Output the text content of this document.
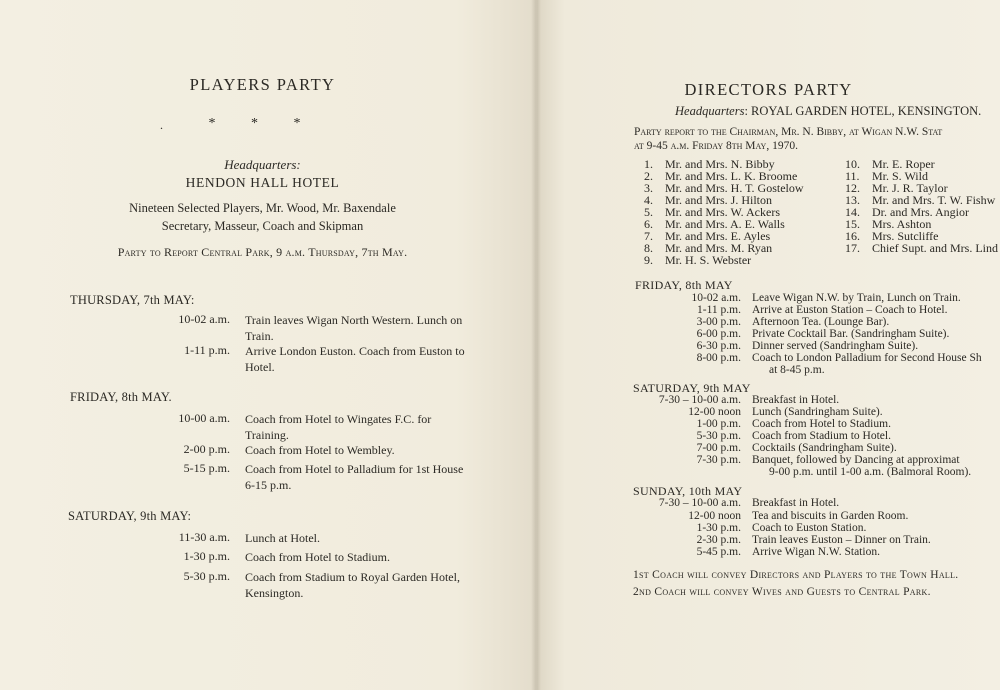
PLAYERS PARTY
.	* * *
Headquarters:
HENDON HALL HOTEL
Nineteen Selected Players, Mr. Wood, Mr. Baxendale
Secretary, Masseur, Coach and Skipman
Party to Report Central Park, 9 a.m. Thursday, 7th May.
THURSDAY, 7th MAY:
10-02 a.m. Train leaves Wigan North Western. Lunch on Train.
1-11 p.m. Arrive London Euston. Coach from Euston to Hotel.
FRIDAY, 8th MAY.
10-00 a.m. Coach from Hotel to Wingates F.C. for Training.
2-00 p.m. Coach from Hotel to Wembley.
5-15 p.m. Coach from Hotel to Palladium for 1st House 6-15 p.m.
SATURDAY, 9th MAY:
11-30 a.m. Lunch at Hotel.
1-30 p.m. Coach from Hotel to Stadium.
5-30 p.m. Coach from Stadium to Royal Garden Hotel, Kensington.
DIRECTORS PARTY
Headquarters: ROYAL GARDEN HOTEL, KENSINGTON.
Party report to the Chairman, Mr. N. Bibby, at Wigan N.W. Stat
at 9-45 a.m. Friday 8th May, 1970.
1. Mr. and Mrs. N. Bibby
2. Mr. and Mrs. L. K. Broome
3. Mr. and Mrs. H. T. Gostelow
4. Mr. and Mrs. J. Hilton
5. Mr. and Mrs. W. Ackers
6. Mr. and Mrs. A. E. Walls
7. Mr. and Mrs. E. Ayles
8. Mr. and Mrs. M. Ryan
9. Mr. H. S. Webster
10. Mr. E. Roper
11. Mr. S. Wild
12. Mr. J. R. Taylor
13. Mr. and Mrs. T. W. Fishw
14. Dr. and Mrs. Angior
15. Mrs. Ashton
16. Mrs. Sutcliffe
17. Chief Supt. and Mrs. Lind
FRIDAY, 8th MAY
10-02 a.m. Leave Wigan N.W. by Train, Lunch on Train.
1-11 p.m. Arrive at Euston Station – Coach to Hotel.
3-00 p.m. Afternoon Tea. (Lounge Bar).
6-00 p.m. Private Cocktail Bar. (Sandringham Suite).
6-30 p.m. Dinner served (Sandringham Suite).
8-00 p.m. Coach to London Palladium for Second House Sh
at 8-45 p.m.
SATURDAY, 9th MAY
7-30 – 10-00 a.m. Breakfast in Hotel.
12-00 noon Lunch (Sandringham Suite).
1-00 p.m. Coach from Hotel to Stadium.
5-30 p.m. Coach from Stadium to Hotel.
7-00 p.m. Cocktails (Sandringham Suite).
7-30 p.m. Banquet, followed by Dancing at approximat
9-00 p.m. until 1-00 a.m. (Balmoral Room).
SUNDAY, 10th MAY
7-30 – 10-00 a.m. Breakfast in Hotel.
12-00 noon Tea and biscuits in Garden Room.
1-30 p.m. Coach to Euston Station.
2-30 p.m. Train leaves Euston – Dinner on Train.
5-45 p.m. Arrive Wigan N.W. Station.
1st Coach will convey Directors and Players to the Town Hall.
2nd Coach will convey Wives and Guests to Central Park.
